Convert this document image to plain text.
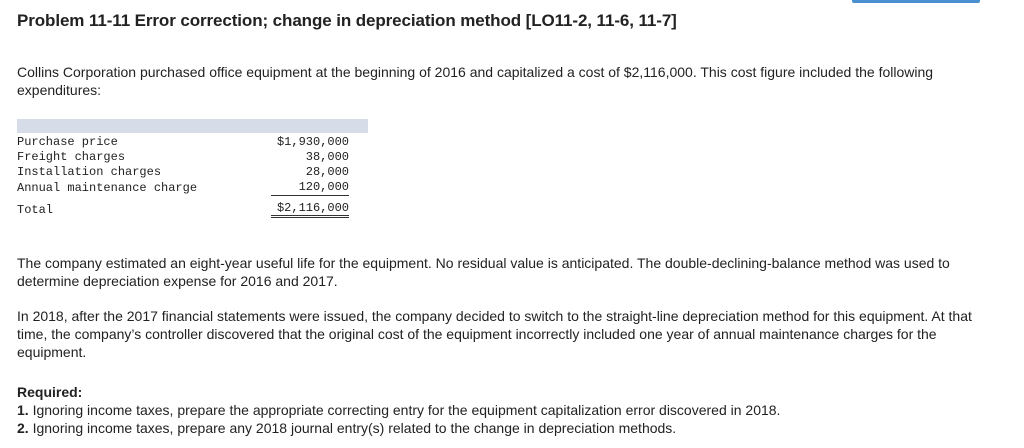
Problem 11-11 Error correction; change in depreciation method [LO11-2, 11-6, 11-7]

Collins Corporation purchased office equipment at the beginning of 2016 and capitalized a cost of $2,116,000. This cost figure included the following expenditures:

Purchase price	$1,930,000	
Freight charges	38,000	
Installation charges	28,000	
Annual maintenance charge	120,000	
Total	$2,116,000	

The company estimated an eight-year useful life for the equipment. No residual value is anticipated. The double-declining-balance method was used to determine depreciation expense for 2016 and 2017.

In 2018, after the 2017 financial statements were issued, the company decided to switch to the straight-line depreciation method for this equipment. At that time, the company’s controller discovered that the original cost of the equipment incorrectly included one year of annual maintenance charges for the equipment.

Required:
1. Ignoring income taxes, prepare the appropriate correcting entry for the equipment capitalization error discovered in 2018.
2. Ignoring income taxes, prepare any 2018 journal entry(s) related to the change in depreciation methods.
